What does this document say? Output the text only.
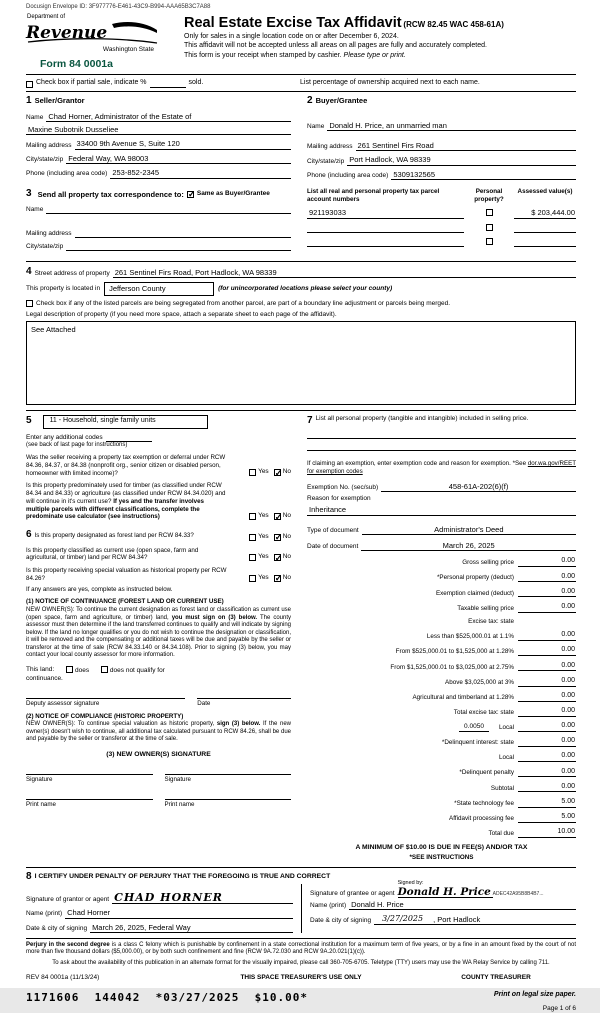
Docusign Envelope ID: 3F977776-E461-43C9-B994-AAA65B3C7A88
Department of
Revenue
Washington State
Form 84 0001a
Real Estate Excise Tax Affidavit (RCW 82.45 WAC 458-61A)
Only for sales in a single location code on or after December 6, 2024.
This affidavit will not be accepted unless all areas on all pages are fully and accurately completed.
This form is your receipt when stamped by cashier. Please type or print.
Check box if partial sale, indicate %	sold.	List percentage of ownership acquired next to each name.
1 Seller/Grantor
Name Chad Horner, Administrator of the Estate of
Maxine Subotnik Dusseliee
Mailing address 33400 9th Avenue S, Suite 120
City/state/zip Federal Way, WA 98003
Phone (including area code) 253-852-2345
2 Buyer/Grantee
Name Donald H. Price, an unmarried man
Mailing address 261 Sentinel Firs Road
City/state/zip Port Hadlock, WA 98339
Phone (including area code) 5309132565
3 Send all property tax correspondence to: ✓ Same as Buyer/Grantee
Name
Mailing address
City/state/zip
List all real and personal property tax parcel account numbers
Personal property?
Assessed value(s)
921193033	$ 203,444.00
4 Street address of property 261 Sentinel Firs Road, Port Hadlock, WA 98339
This property is located in	Jefferson County	(for unincorporated locations please select your county)
Check box if any of the listed parcels are being segregated from another parcel, are part of a boundary line adjustment or parcels being merged.
Legal description of property (if you need more space, attach a separate sheet to each page of the affidavit).
See Attached
5	11 - Household, single family units
Enter any additional codes
(see back of last page for instructions)
Was the seller receiving a property tax exemption or deferral under RCW 84.36, 84.37, or 84.38 (nonprofit org., senior citizen or disabled person, homeowner with limited income)?	Yes ✓ No
Is this property predominately used for timber (as classified under RCW 84.34 and 84.33) or agriculture (as classified under RCW 84.34.020) and will continue in it's current use? If yes and the transfer involves multiple parcels with different classifications, complete the predominate use calculator (see instructions)	Yes ✓ No
6 Is this property designated as forest land per RCW 84.33?	Yes ✓ No
Is this property classified as current use (open space, farm and agricultural, or timber) land per RCW 84.34?	Yes ✓ No
Is this property receiving special valuation as historical property per RCW 84.26?	Yes ✓ No
If any answers are yes, complete as instructed below.
(1) NOTICE OF CONTINUANCE (FOREST LAND OR CURRENT USE)
NEW OWNER(S): To continue the current designation as forest land or classification as current use (open space, farm and agriculture, or timber) land, you must sign on (3) below. The county assessor must then determine if the land transferred continues to qualify and will indicate by signing below. If the land no longer qualifies or you do not wish to continue the designation or classification, it will be removed and the compensating or additional taxes will be due and payable by the seller or transferor at the time of sale (RCW 84.33.140 or 84.34.108). Prior to signing (3) below, you may contact your local county assessor for more information.
This land:	does	does not qualify for
continuance.
Deputy assessor signature	Date
(2) NOTICE OF COMPLIANCE (HISTORIC PROPERTY)
NEW OWNER(S): To continue special valuation as historic property, sign (3) below. If the new owner(s) doesn't wish to continue, all additional tax calculated pursuant to RCW 84.26, shall be due and payable by the seller or transferor at the time of sale.
(3) NEW OWNER(S) SIGNATURE
Signature	Signature
Print name	Print name
7 List all personal property (tangible and intangible) included in selling price.
If claiming an exemption, enter exemption code and reason for exemption. *See dor.wa.gov/REET for exemption codes
Exemption No. (sec/sub)	458-61A-202(6)(f)
Reason for exemption
Inheritance
Type of document	Administrator's Deed
Date of document	March 26, 2025
Gross selling price	0.00
*Personal property (deduct)	0.00
Exemption claimed (deduct)	0.00
Taxable selling price	0.00
Excise tax: state
Less than $525,000.01 at 1.1%	0.00
From $525,000.01 to $1,525,000 at 1.28%	0.00
From $1,525,000.01 to $3,025,000 at 2.75%	0.00
Above $3,025,000 at 3%	0.00
Agricultural and timberland at 1.28%	0.00
Total excise tax: state	0.00
0.0050	Local	0.00
*Delinquent interest: state	0.00
Local	0.00
*Delinquent penalty	0.00
Subtotal	0.00
*State technology fee	5.00
Affidavit processing fee	5.00
Total due	10.00
A MINIMUM OF $10.00 IS DUE IN FEE(S) AND/OR TAX
*SEE INSTRUCTIONS
8 I CERTIFY UNDER PENALTY OF PERJURY THAT THE FOREGOING IS TRUE AND CORRECT
Signature of grantor or agent CHAD HORNER
Name (print) Chad Horner
Date & city of signing March 26, 2025, Federal Way
Signature of grantee or agent
Signed by:
Donald H. Price ADEC42A95B8B4B7...
Name (print) Donald H. Price
Date & city of signing	3/27/2025	, Port Hadlock
Perjury in the second degree is a class C felony which is punishable by confinement in a state correctional institution for a maximum term of five years, or by a fine in an amount fixed by the court of not more than five thousand dollars ($5,000.00), or by both such confinement and fine (RCW 9A.72.030 and RCW 9A.20.021(1)(c)).
To ask about the availability of this publication in an alternate format for the visually impaired, please call 360-705-6705. Teletype (TTY) users may use the WA Relay Service by calling 711.
REV 84 0001a (11/13/24)	THIS SPACE TREASURER'S USE ONLY	COUNTY TREASURER
1171606  144042  *03/27/2025  $10.00*	Print on legal size paper.
Page 1 of 6
